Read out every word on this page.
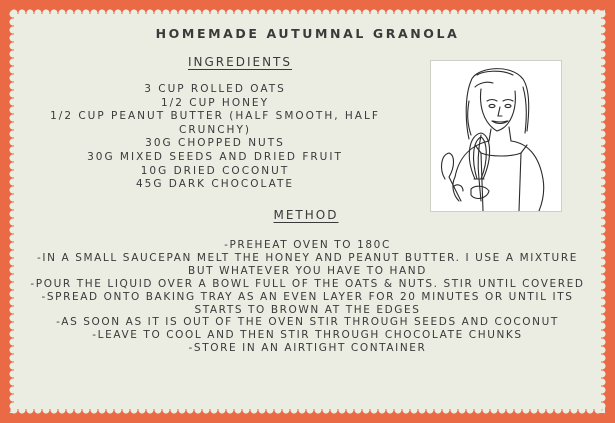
HOMEMADE AUTUMNAL GRANOLA
INGREDIENTS
3 CUP ROLLED OATS
1/2 CUP HONEY
1/2 CUP PEANUT BUTTER (HALF SMOOTH, HALF
CRUNCHY)
30G CHOPPED NUTS
30G MIXED SEEDS AND DRIED FRUIT
10G DRIED COCONUT
45G DARK CHOCOLATE
METHOD
-PREHEAT OVEN TO 180C
-IN A SMALL SAUCEPAN MELT THE HONEY AND PEANUT BUTTER. I USE A MIXTURE
BUT WHATEVER YOU HAVE TO HAND
-POUR THE LIQUID OVER A BOWL FULL OF THE OATS & NUTS. STIR UNTIL COVERED
-SPREAD ONTO BAKING TRAY AS AN EVEN LAYER FOR 20 MINUTES OR UNTIL ITS
STARTS TO BROWN AT THE EDGES
-AS SOON AS IT IS OUT OF THE OVEN STIR THROUGH SEEDS AND COCONUT
-LEAVE TO COOL AND THEN STIR THROUGH CHOCOLATE CHUNKS
-STORE IN AN AIRTIGHT CONTAINER
